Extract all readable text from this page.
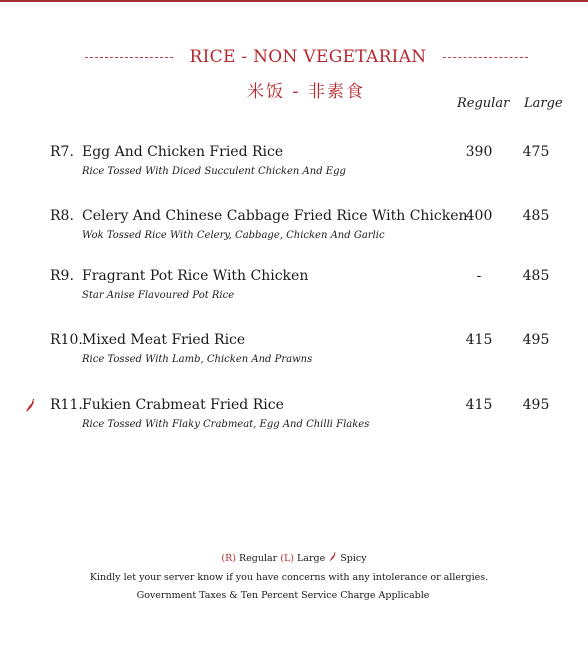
RICE - NON VEGETARIAN
米饭 - 非素食
Regular Large
R7. Egg And Chicken Fried Rice
Rice Tossed With Diced Succulent Chicken And Egg
390	475
R8. Celery And Chinese Cabbage Fried Rice With Chicken
Wok Tossed Rice With Celery, Cabbage, Chicken And Garlic
400	485
R9. Fragrant Pot Rice With Chicken
Star Anise Flavoured Pot Rice
-	485
R10. Mixed Meat Fried Rice
Rice Tossed With Lamb, Chicken And Prawns
415	495
R11. Fukien Crabmeat Fried Rice
Rice Tossed With Flaky Crabmeat, Egg And Chilli Flakes
415	495
(R) Regular (L) Large Spicy
Kindly let your server know if you have concerns with any intolerance or allergies.
Government Taxes & Ten Percent Service Charge Applicable
